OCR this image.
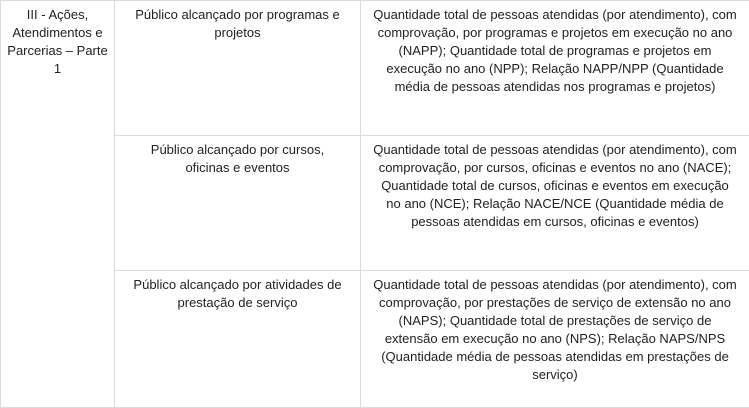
III - Ações, Atendimentos e Parcerias – Parte 1	Público alcançado por programas e projetos	Quantidade total de pessoas atendidas (por atendimento), com comprovação, por programas e projetos em execução no ano (NAPP); Quantidade total de programas e projetos em execução no ano (NPP); Relação NAPP/NPP (Quantidade média de pessoas atendidas nos programas e projetos)

	Público alcançado por cursos, oficinas e eventos	Quantidade total de pessoas atendidas (por atendimento), com comprovação, por cursos, oficinas e eventos no ano (NACE); Quantidade total de cursos, oficinas e eventos em execução no ano (NCE); Relação NACE/NCE (Quantidade média de pessoas atendidas em cursos, oficinas e eventos)

	Público alcançado por atividades de prestação de serviço	Quantidade total de pessoas atendidas (por atendimento), com comprovação, por prestações de serviço de extensão no ano (NAPS); Quantidade total de prestações de serviço de extensão em execução no ano (NPS); Relação NAPS/NPS (Quantidade média de pessoas atendidas em prestações de serviço)
